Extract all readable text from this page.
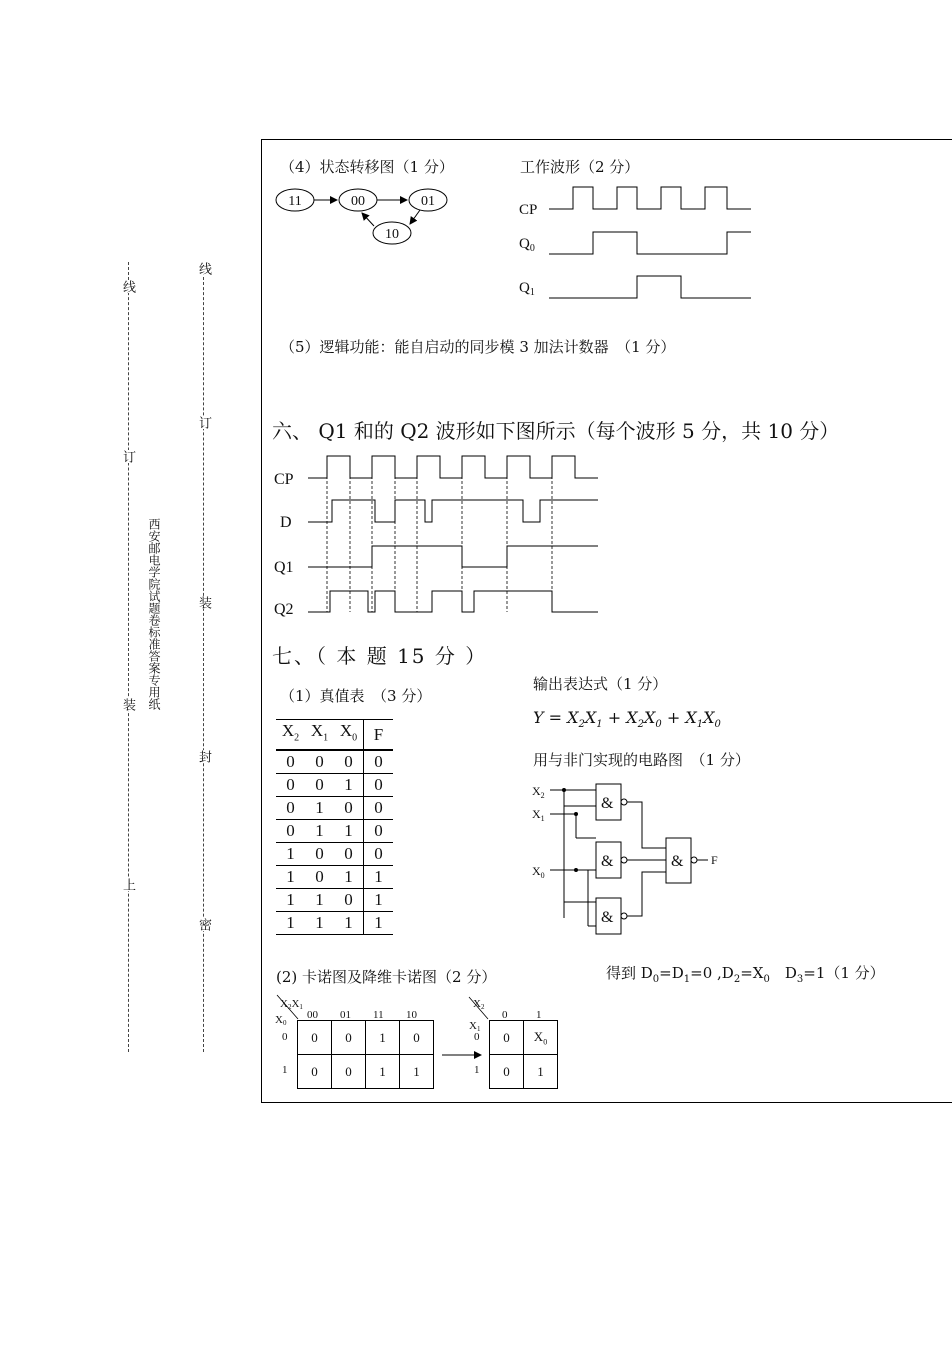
线
订
装
上
西安邮电学院试题卷标准答案专用纸
线
订
装
封
密
（4）状态转移图（1 分）
11	00	01
10
工作波形（2 分）
CP
$Q_0$
$Q_1$
（5）逻辑功能：能自启动的同步模 3 加法计数器　（1 分）
六、 Q1 和的 Q2 波形如下图所示（每个波形 5 分，共 10 分）
CP
D
Q1
Q2
七、（ 本 题 15 分 ）
（1）真值表　（3 分）
$X_2$	$X_1$	$X_0$	F
0	0	0	0
0	0	1	0
0	1	0	0
0	1	1	0
1	0	0	0
1	0	1	1
1	1	0	1
1	1	1	1
输出表达式（1 分）
$Y = X_2X_1 + X_2X_0 + X_1X_0$
用与非门实现的电路图　（1 分）
$X_2$
$X_1$
$X_0$
&
&
&
& F
(2) 卡诺图及降维卡诺图（2 分）	得到 $D_0=D_1=0$ $,D_2=X_0$　$D_3=1(1$ 分）
X2X1
X0
00 01 11 10
0
1
X2
X1
0	1
0
1
0	0	1	0
0	0	1	1
0	$X_0$
0	1
